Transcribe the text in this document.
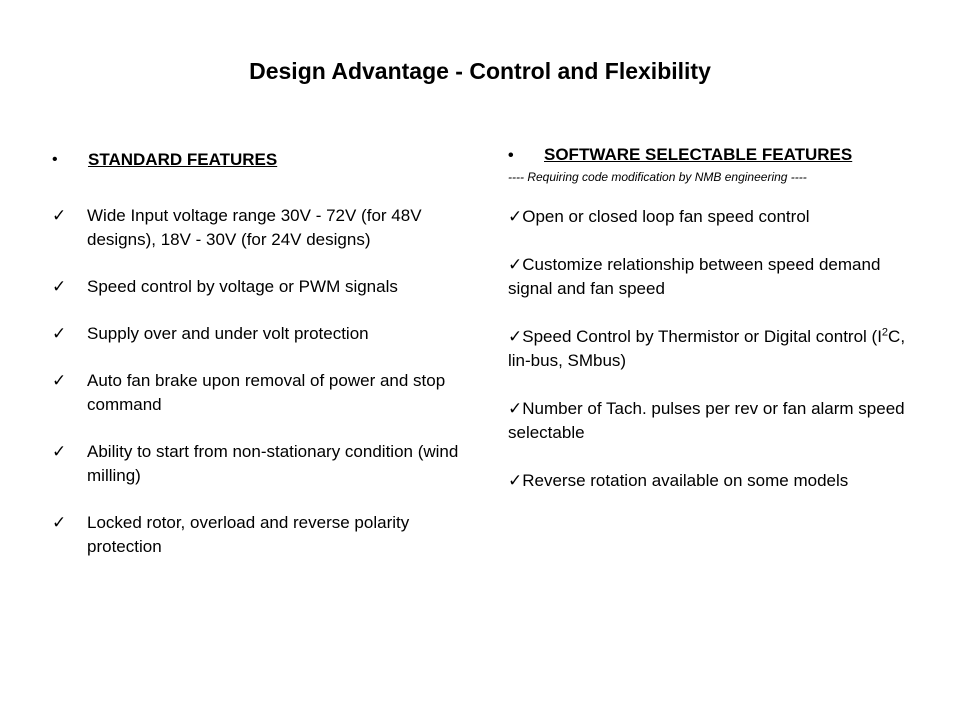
Design Advantage - Control and Flexibility
• STANDARD FEATURES
✓ Wide Input voltage range 30V - 72V (for 48V designs), 18V - 30V (for 24V designs)
✓ Speed control by voltage or PWM signals
✓ Supply over and under volt protection
✓ Auto fan brake upon removal of power and stop command
✓ Ability to start from non-stationary condition (wind milling)
✓ Locked rotor, overload and reverse polarity protection
• SOFTWARE SELECTABLE FEATURES
---- Requiring code modification by NMB engineering ----
✓Open or closed loop fan speed control
✓Customize relationship between speed demand signal and fan speed
✓Speed Control by Thermistor or Digital control ($I^2C$, lin-bus, SMbus)
✓Number of Tach. pulses per rev or fan alarm speed selectable
✓Reverse rotation available on some models
